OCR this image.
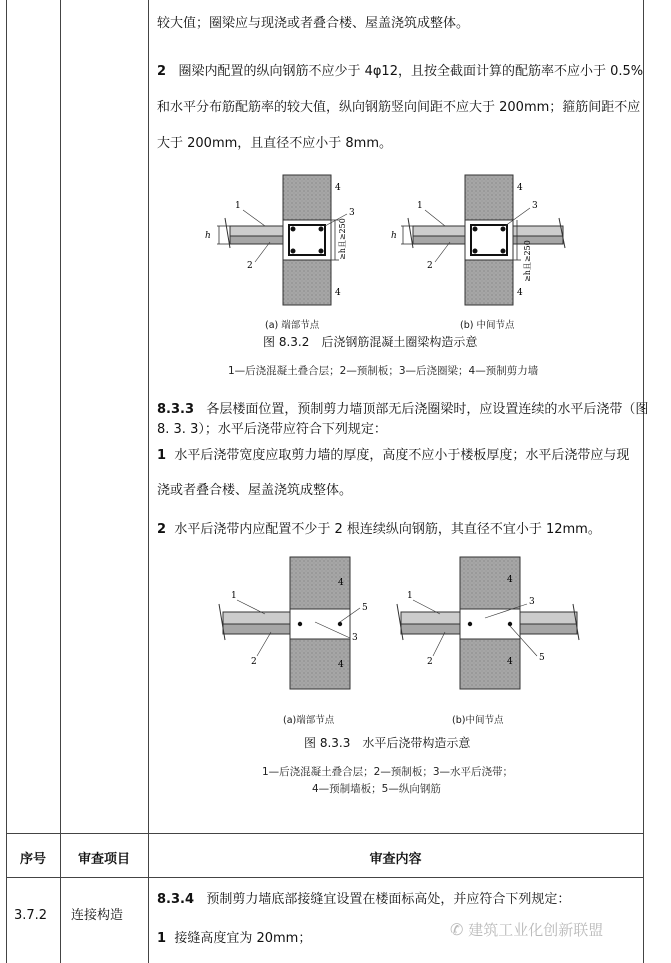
较大值；圈梁应与现浇或者叠合楼、屋盖浇筑成整体。
2 圈梁内配置的纵向钢筋不应少于 4φ12，且按全截面计算的配筋率不应小于 0.5%
和水平分布筋配筋率的较大值，纵向钢筋竖向间距不应大于 200mm；箍筋间距不应
大于 200mm，且直径不应小于 8mm。
h	≥h且≥250
1
2
3
4
4
h
≥h且≥250
1
2
3
4
4
(a) 端部节点	(b) 中间节点
图 8.3.2　后浇钢筋混凝土圈梁构造示意
1—后浇混凝土叠合层；2—预制板；3—后浇圈梁；4—预制剪力墙
8.3.3 各层楼面位置，预制剪力墙顶部无后浇圈梁时，应设置连续的水平后浇带（图
8. 3. 3）；水平后浇带应符合下列规定：
1 水平后浇带宽度应取剪力墙的厚度，高度不应小于楼板厚度；水平后浇带应与现
浇或者叠合楼、屋盖浇筑成整体。
2 水平后浇带内应配置不少于 2 根连续纵向钢筋，其直径不宜小于 12mm。
1
2
3
5
4
4
1
2
3
5
4
4
(a)端部节点	(b)中间节点
图 8.3.3　水平后浇带构造示意
1—后浇混凝土叠合层；2—预制板；3—水平后浇带；
4—预制墙板；5—纵向钢筋
序号	审查项目	审查内容
3.7.2 连接构造
8.3.4 预制剪力墙底部接缝宜设置在楼面标高处，并应符合下列规定：
1 接缝高度宜为 20mm；	✆ 建筑工业化创新联盟
